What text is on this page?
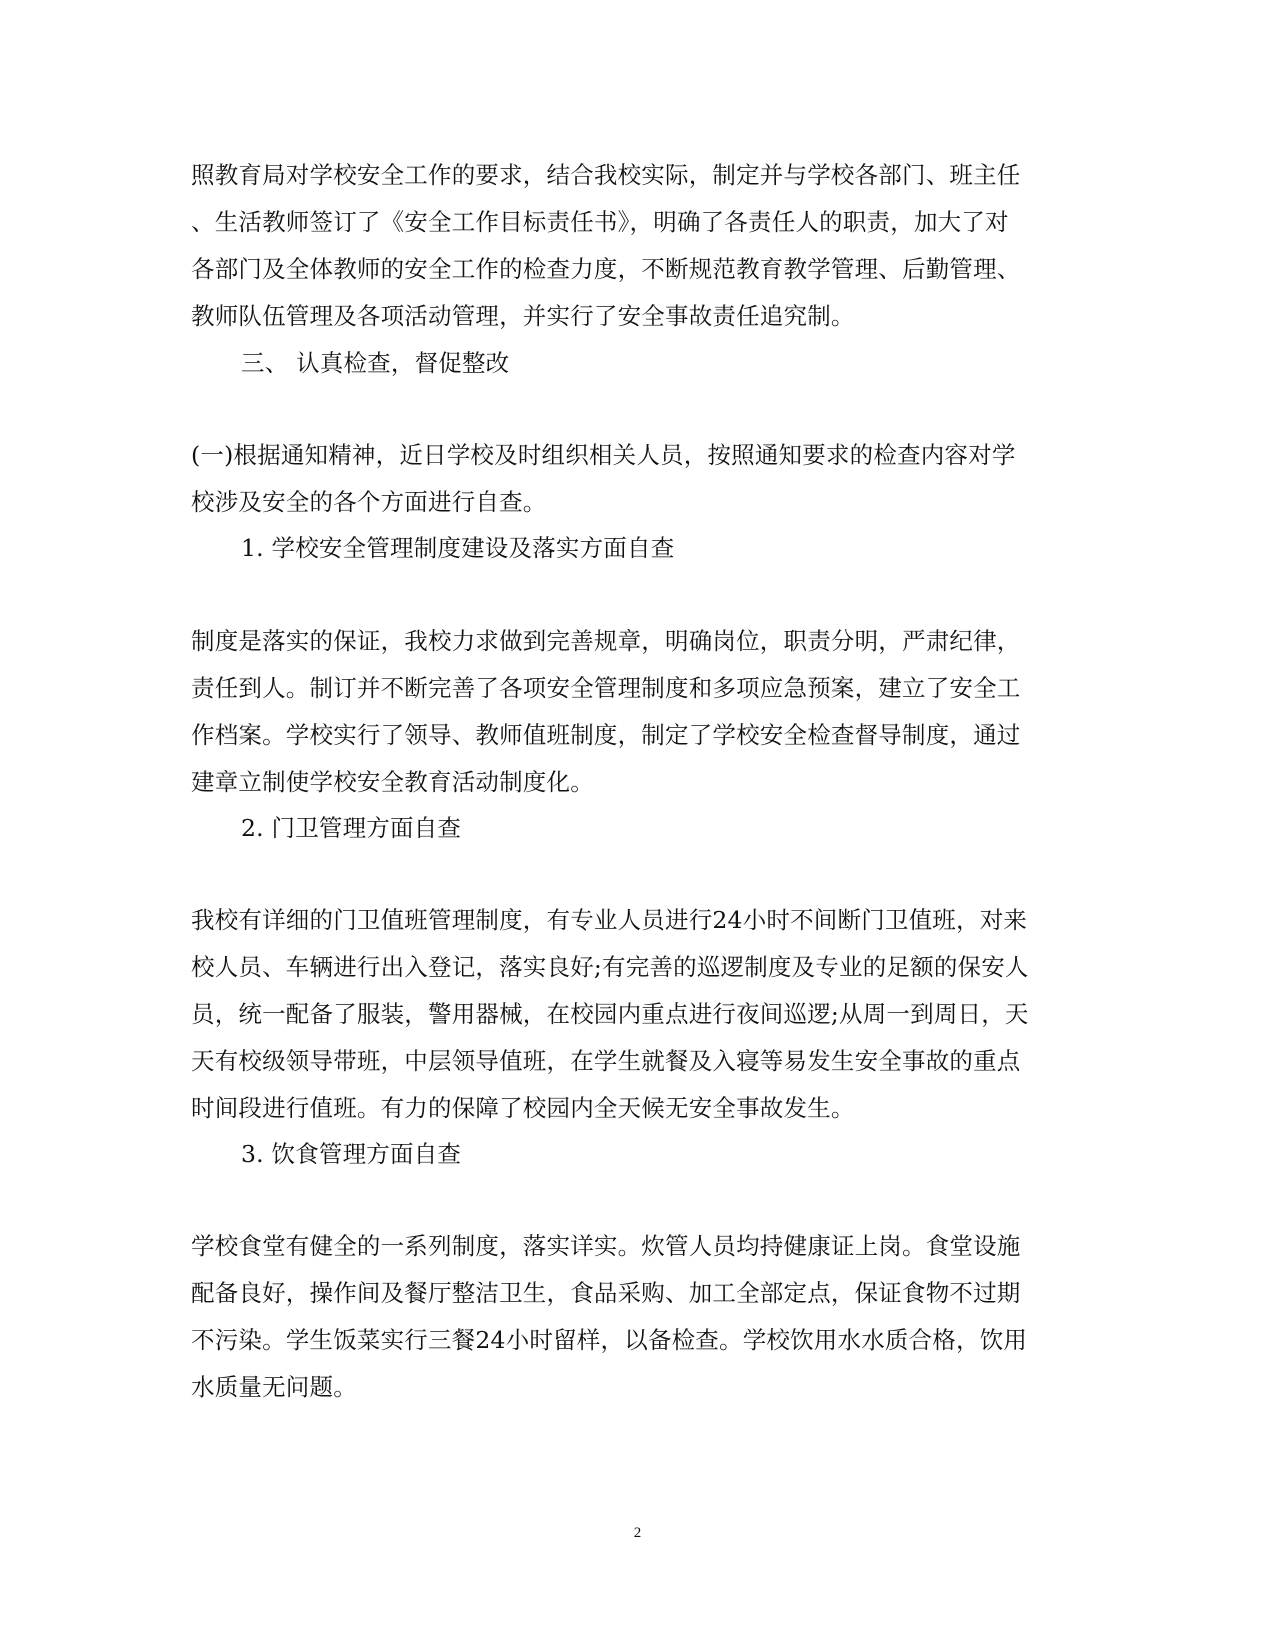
照教育局对学校安全工作的要求，结合我校实际，制定并与学校各部门、班主任
、生活教师签订了《安全工作目标责任书》，明确了各责任人的职责，加大了对
各部门及全体教师的安全工作的检查力度，不断规范教育教学管理、后勤管理、
教师队伍管理及各项活动管理，并实行了安全事故责任追究制。
三、 认真检查，督促整改
(一)根据通知精神，近日学校及时组织相关人员，按照通知要求的检查内容对学
校涉及安全的各个方面进行自查。
1. 学校安全管理制度建设及落实方面自查
制度是落实的保证，我校力求做到完善规章，明确岗位，职责分明，严肃纪律，
责任到人。制订并不断完善了各项安全管理制度和多项应急预案，建立了安全工
作档案。学校实行了领导、教师值班制度，制定了学校安全检查督导制度，通过
建章立制使学校安全教育活动制度化。
2. 门卫管理方面自查
我校有详细的门卫值班管理制度，有专业人员进行24小时不间断门卫值班，对来
校人员、车辆进行出入登记，落实良好;有完善的巡逻制度及专业的足额的保安人
员，统一配备了服装，警用器械，在校园内重点进行夜间巡逻;从周一到周日，天
天有校级领导带班，中层领导值班，在学生就餐及入寝等易发生安全事故的重点
时间段进行值班。有力的保障了校园内全天候无安全事故发生。
3. 饮食管理方面自查
学校食堂有健全的一系列制度，落实详实。炊管人员均持健康证上岗。食堂设施
配备良好，操作间及餐厅整洁卫生，食品采购、加工全部定点，保证食物不过期
不污染。学生饭菜实行三餐24小时留样，以备检查。学校饮用水水质合格，饮用
水质量无问题。
2
